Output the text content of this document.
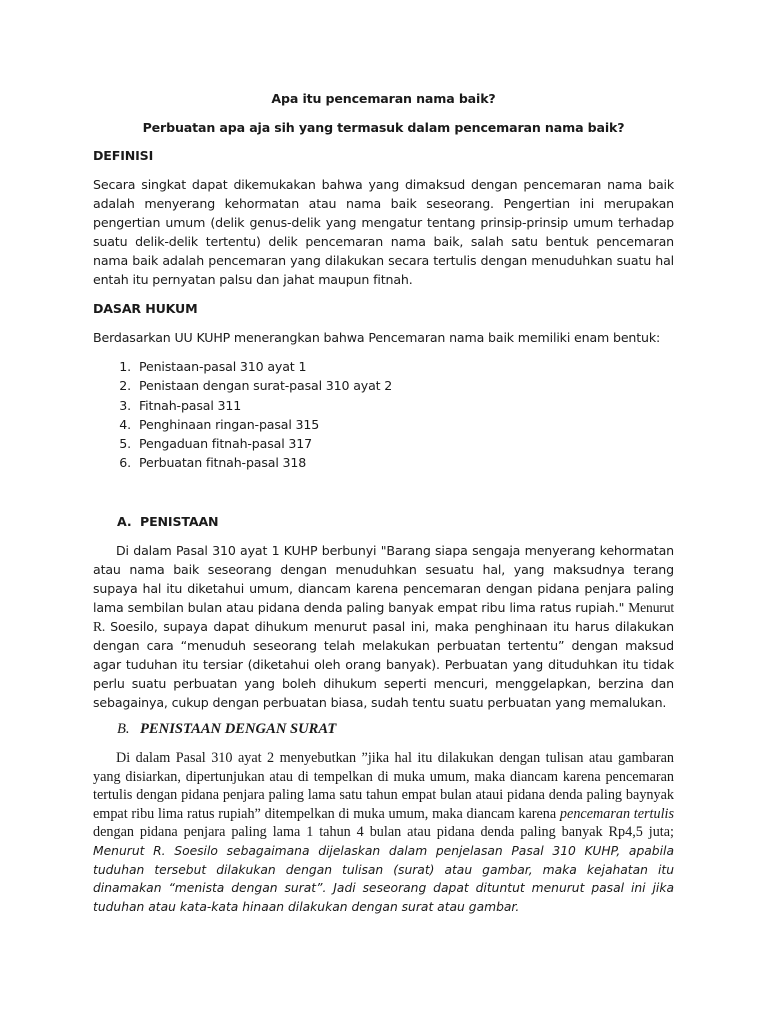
Apa itu pencemaran nama baik?

Perbuatan apa aja sih yang termasuk dalam pencemaran nama baik?

DEFINISI

Secara singkat dapat dikemukakan bahwa yang dimaksud dengan pencemaran nama baik adalah menyerang kehormatan atau nama baik seseorang. Pengertian ini merupakan pengertian umum (delik genus-delik yang mengatur tentang prinsip-prinsip umum terhadap suatu delik-delik tertentu) delik pencemaran nama baik, salah satu bentuk pencemaran nama baik adalah pencemaran yang dilakukan secara tertulis dengan menuduhkan suatu hal entah itu pernyatan palsu dan jahat maupun fitnah.

DASAR HUKUM

Berdasarkan UU KUHP menerangkan bahwa Pencemaran nama baik memiliki enam bentuk:

1. Penistaan-pasal 310 ayat 1
2. Penistaan dengan surat-pasal 310 ayat 2
3. Fitnah-pasal 311
4. Penghinaan ringan-pasal 315
5. Pengaduan fitnah-pasal 317
6. Perbuatan fitnah-pasal 318
A. PENISTAAN

Di dalam Pasal 310 ayat 1 KUHP berbunyi "Barang siapa sengaja menyerang kehormatan atau nama baik seseorang dengan menuduhkan sesuatu hal, yang maksudnya terang supaya hal itu diketahui umum, diancam karena pencemaran dengan pidana penjara paling lama sembilan bulan atau pidana denda paling banyak empat ribu lima ratus rupiah." Menurut R. Soesilo, supaya dapat dihukum menurut pasal ini, maka penghinaan itu harus dilakukan dengan cara “menuduh seseorang telah melakukan perbuatan tertentu” dengan maksud agar tuduhan itu tersiar (diketahui oleh orang banyak). Perbuatan yang dituduhkan itu tidak perlu suatu perbuatan yang boleh dihukum seperti mencuri, menggelapkan, berzina dan sebagainya, cukup dengan perbuatan biasa, sudah tentu suatu perbuatan yang memalukan.

B. PENISTAAN DENGAN SURAT

Di dalam Pasal 310 ayat 2 menyebutkan ”jika hal itu dilakukan dengan tulisan atau gambaran yang disiarkan, dipertunjukan atau di tempelkan di muka umum, maka diancam karena pencemaran tertulis dengan pidana penjara paling lama satu tahun empat bulan ataui pidana denda paling baynyak empat ribu lima ratus rupiah” ditempelkan di muka umum, maka diancam karena pencemaran tertulis dengan pidana penjara paling lama 1 tahun 4 bulan atau pidana denda paling banyak Rp4,5 juta; Menurut R. Soesilo sebagaimana dijelaskan dalam penjelasan Pasal 310 KUHP, apabila tuduhan tersebut dilakukan dengan tulisan (surat) atau gambar, maka kejahatan itu dinamakan “menista dengan surat”. Jadi seseorang dapat dituntut menurut pasal ini jika tuduhan atau kata-kata hinaan dilakukan dengan surat atau gambar.
